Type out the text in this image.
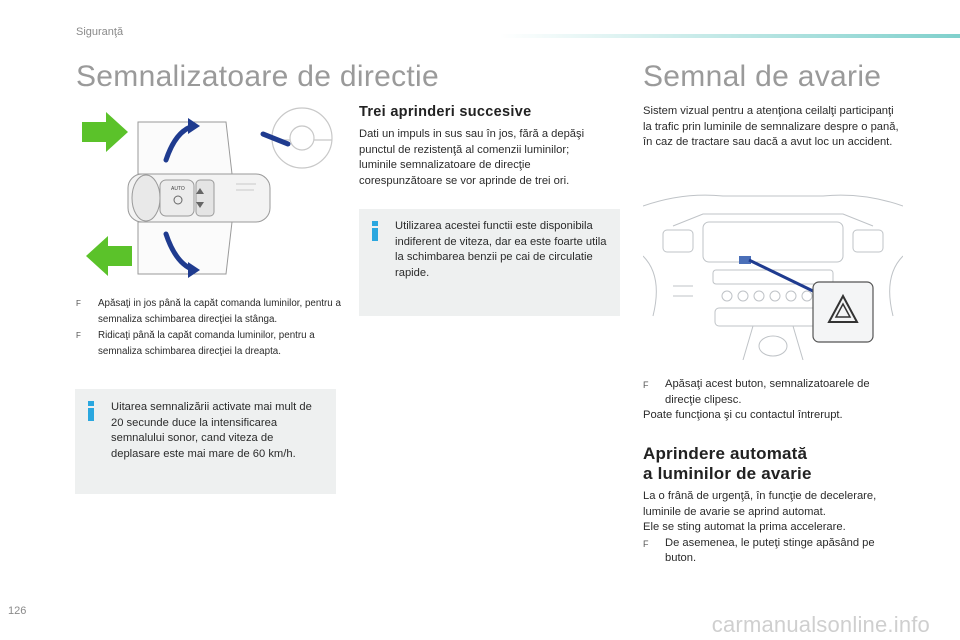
Siguranţă
Semnalizatoare de directie
AUTO
F Apăsaţi in jos până la capăt comanda luminilor, pentru a semnaliza schimbarea direcţiei la stânga.
F Ridicaţi până la capăt comanda luminilor, pentru a semnaliza schimbarea direcţiei la dreapta.
Uitarea semnalizării activate mai mult de 20 secunde duce la intensificarea semnalului sonor, cand viteza de deplasare este mai mare de 60 km/h.
Trei aprinderi succesive
Dati un impuls in sus sau în jos, fără a depăşi punctul de rezistenţă al comenzii luminilor; luminile semnalizatoare de direcţie corespunzătoare se vor aprinde de trei ori.
Utilizarea acestei functii este disponibila indiferent de viteza, dar ea este foarte utila la schimbarea benzii pe cai de circulatie rapide.
Semnal de avarie
Sistem vizual pentru a atenţiona ceilalţi participanţi la trafic prin luminile de semnalizare despre o pană, în caz de tractare sau dacă a avut loc un accident.
F Apăsaţi acest buton, semnalizatoarele de direcţie clipesc.
Poate funcţiona şi cu contactul întrerupt.
Aprindere automată
a luminilor de avarie
La o frână de urgenţă, în funcţie de decelerare, luminile de avarie se aprind automat.
Ele se sting automat la prima accelerare.
F De asemenea, le puteţi stinge apăsând pe buton.
126
carmanualsonline.info
